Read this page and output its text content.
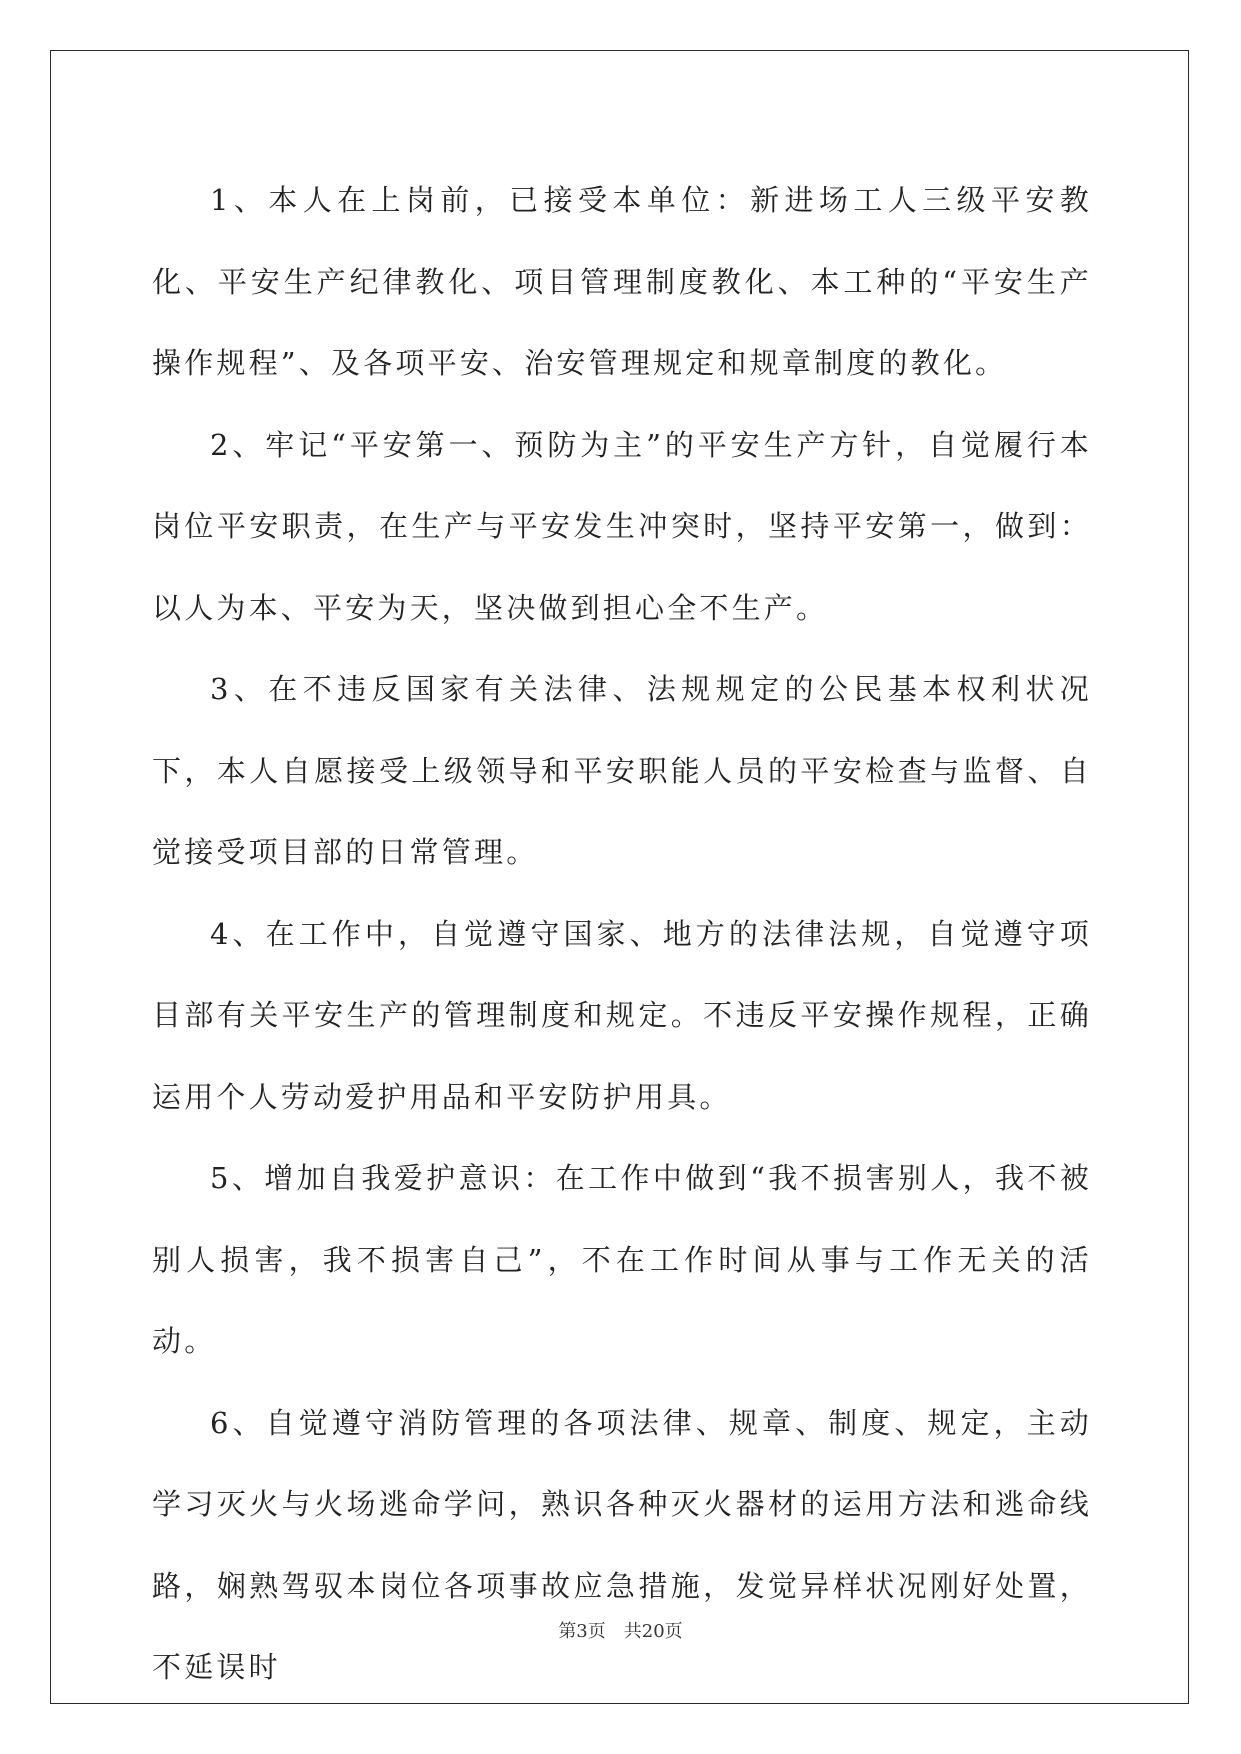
1、本人在上岗前，已接受本单位：新进场工人三级平安教化、平安生产纪律教化、项目管理制度教化、本工种的“平安生产操作规程”、及各项平安、治安管理规定和规章制度的教化。

2、牢记“平安第一、预防为主”的平安生产方针，自觉履行本岗位平安职责，在生产与平安发生冲突时，坚持平安第一，做到：以人为本、平安为天，坚决做到担心全不生产。

3、在不违反国家有关法律、法规规定的公民基本权利状况下，本人自愿接受上级领导和平安职能人员的平安检查与监督、自觉接受项目部的日常管理。

4、在工作中，自觉遵守国家、地方的法律法规，自觉遵守项目部有关平安生产的管理制度和规定。不违反平安操作规程，正确运用个人劳动爱护用品和平安防护用具。

5、增加自我爱护意识：在工作中做到“我不损害别人，我不被别人损害，我不损害自己”，不在工作时间从事与工作无关的活动。

6、自觉遵守消防管理的各项法律、规章、制度、规定，主动学习灭火与火场逃命学问，熟识各种灭火器材的运用方法和逃命线路，娴熟驾驭本岗位各项事故应急措施，发觉异样状况刚好处置，不延误时

第3页 共20页
